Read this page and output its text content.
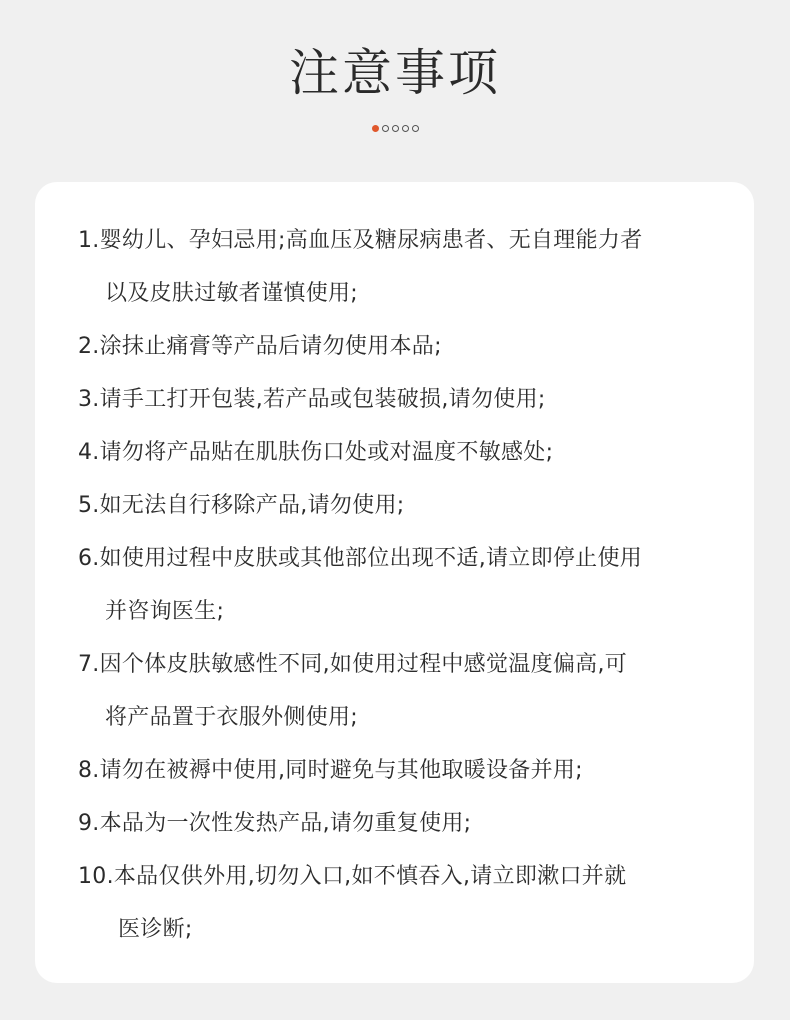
注意事项
1.婴幼儿、孕妇忌用;高血压及糖尿病患者、无自理能力者
以及皮肤过敏者谨慎使用;
2.涂抹止痛膏等产品后请勿使用本品;
3.请手工打开包装,若产品或包装破损,请勿使用;
4.请勿将产品贴在肌肤伤口处或对温度不敏感处;
5.如无法自行移除产品,请勿使用;
6.如使用过程中皮肤或其他部位出现不适,请立即停止使用
并咨询医生;
7.因个体皮肤敏感性不同,如使用过程中感觉温度偏高,可
将产品置于衣服外侧使用;
8.请勿在被褥中使用,同时避免与其他取暖设备并用;
9.本品为一次性发热产品,请勿重复使用;
10.本品仅供外用,切勿入口,如不慎吞入,请立即漱口并就
医诊断;
